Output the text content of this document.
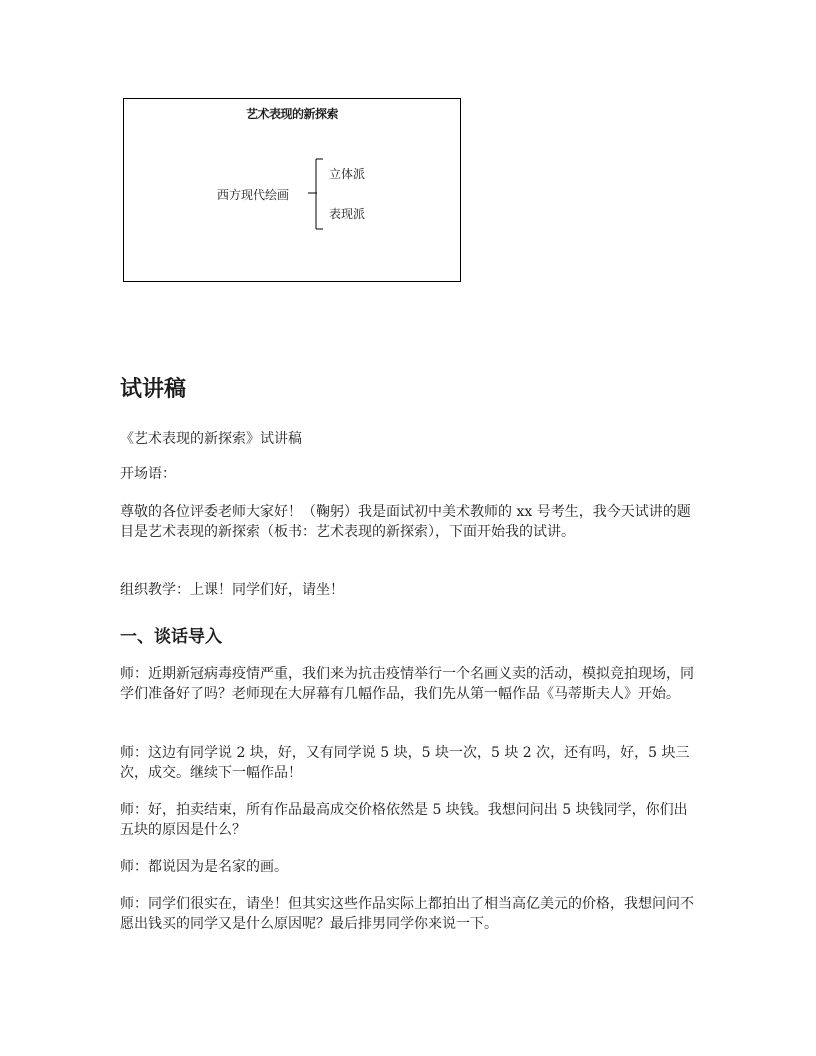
艺术表现的新探索
西方现代绘画
立体派
表现派
试讲稿

《艺术表现的新探索》试讲稿

开场语：

尊敬的各位评委老师大家好！（鞠躬）我是面试初中美术教师的 xx 号考生，我今天试讲的题目是艺术表现的新探索（板书：艺术表现的新探索），下面开始我的试讲。

组织教学：上课！同学们好，请坐！

一、谈话导入

师：近期新冠病毒疫情严重，我们来为抗击疫情举行一个名画义卖的活动，模拟竞拍现场，同学们准备好了吗？老师现在大屏幕有几幅作品，我们先从第一幅作品《马蒂斯夫人》开始。

师：这边有同学说 2 块，好，又有同学说 5 块，5 块一次，5 块 2 次，还有吗，好，5 块三次，成交。继续下一幅作品！

师：好，拍卖结束，所有作品最高成交价格依然是 5 块钱。我想问问出 5 块钱同学，你们出五块的原因是什么？

师：都说因为是名家的画。

师：同学们很实在，请坐！但其实这些作品实际上都拍出了相当高亿美元的价格，我想问问不愿出钱买的同学又是什么原因呢？最后排男同学你来说一下。
